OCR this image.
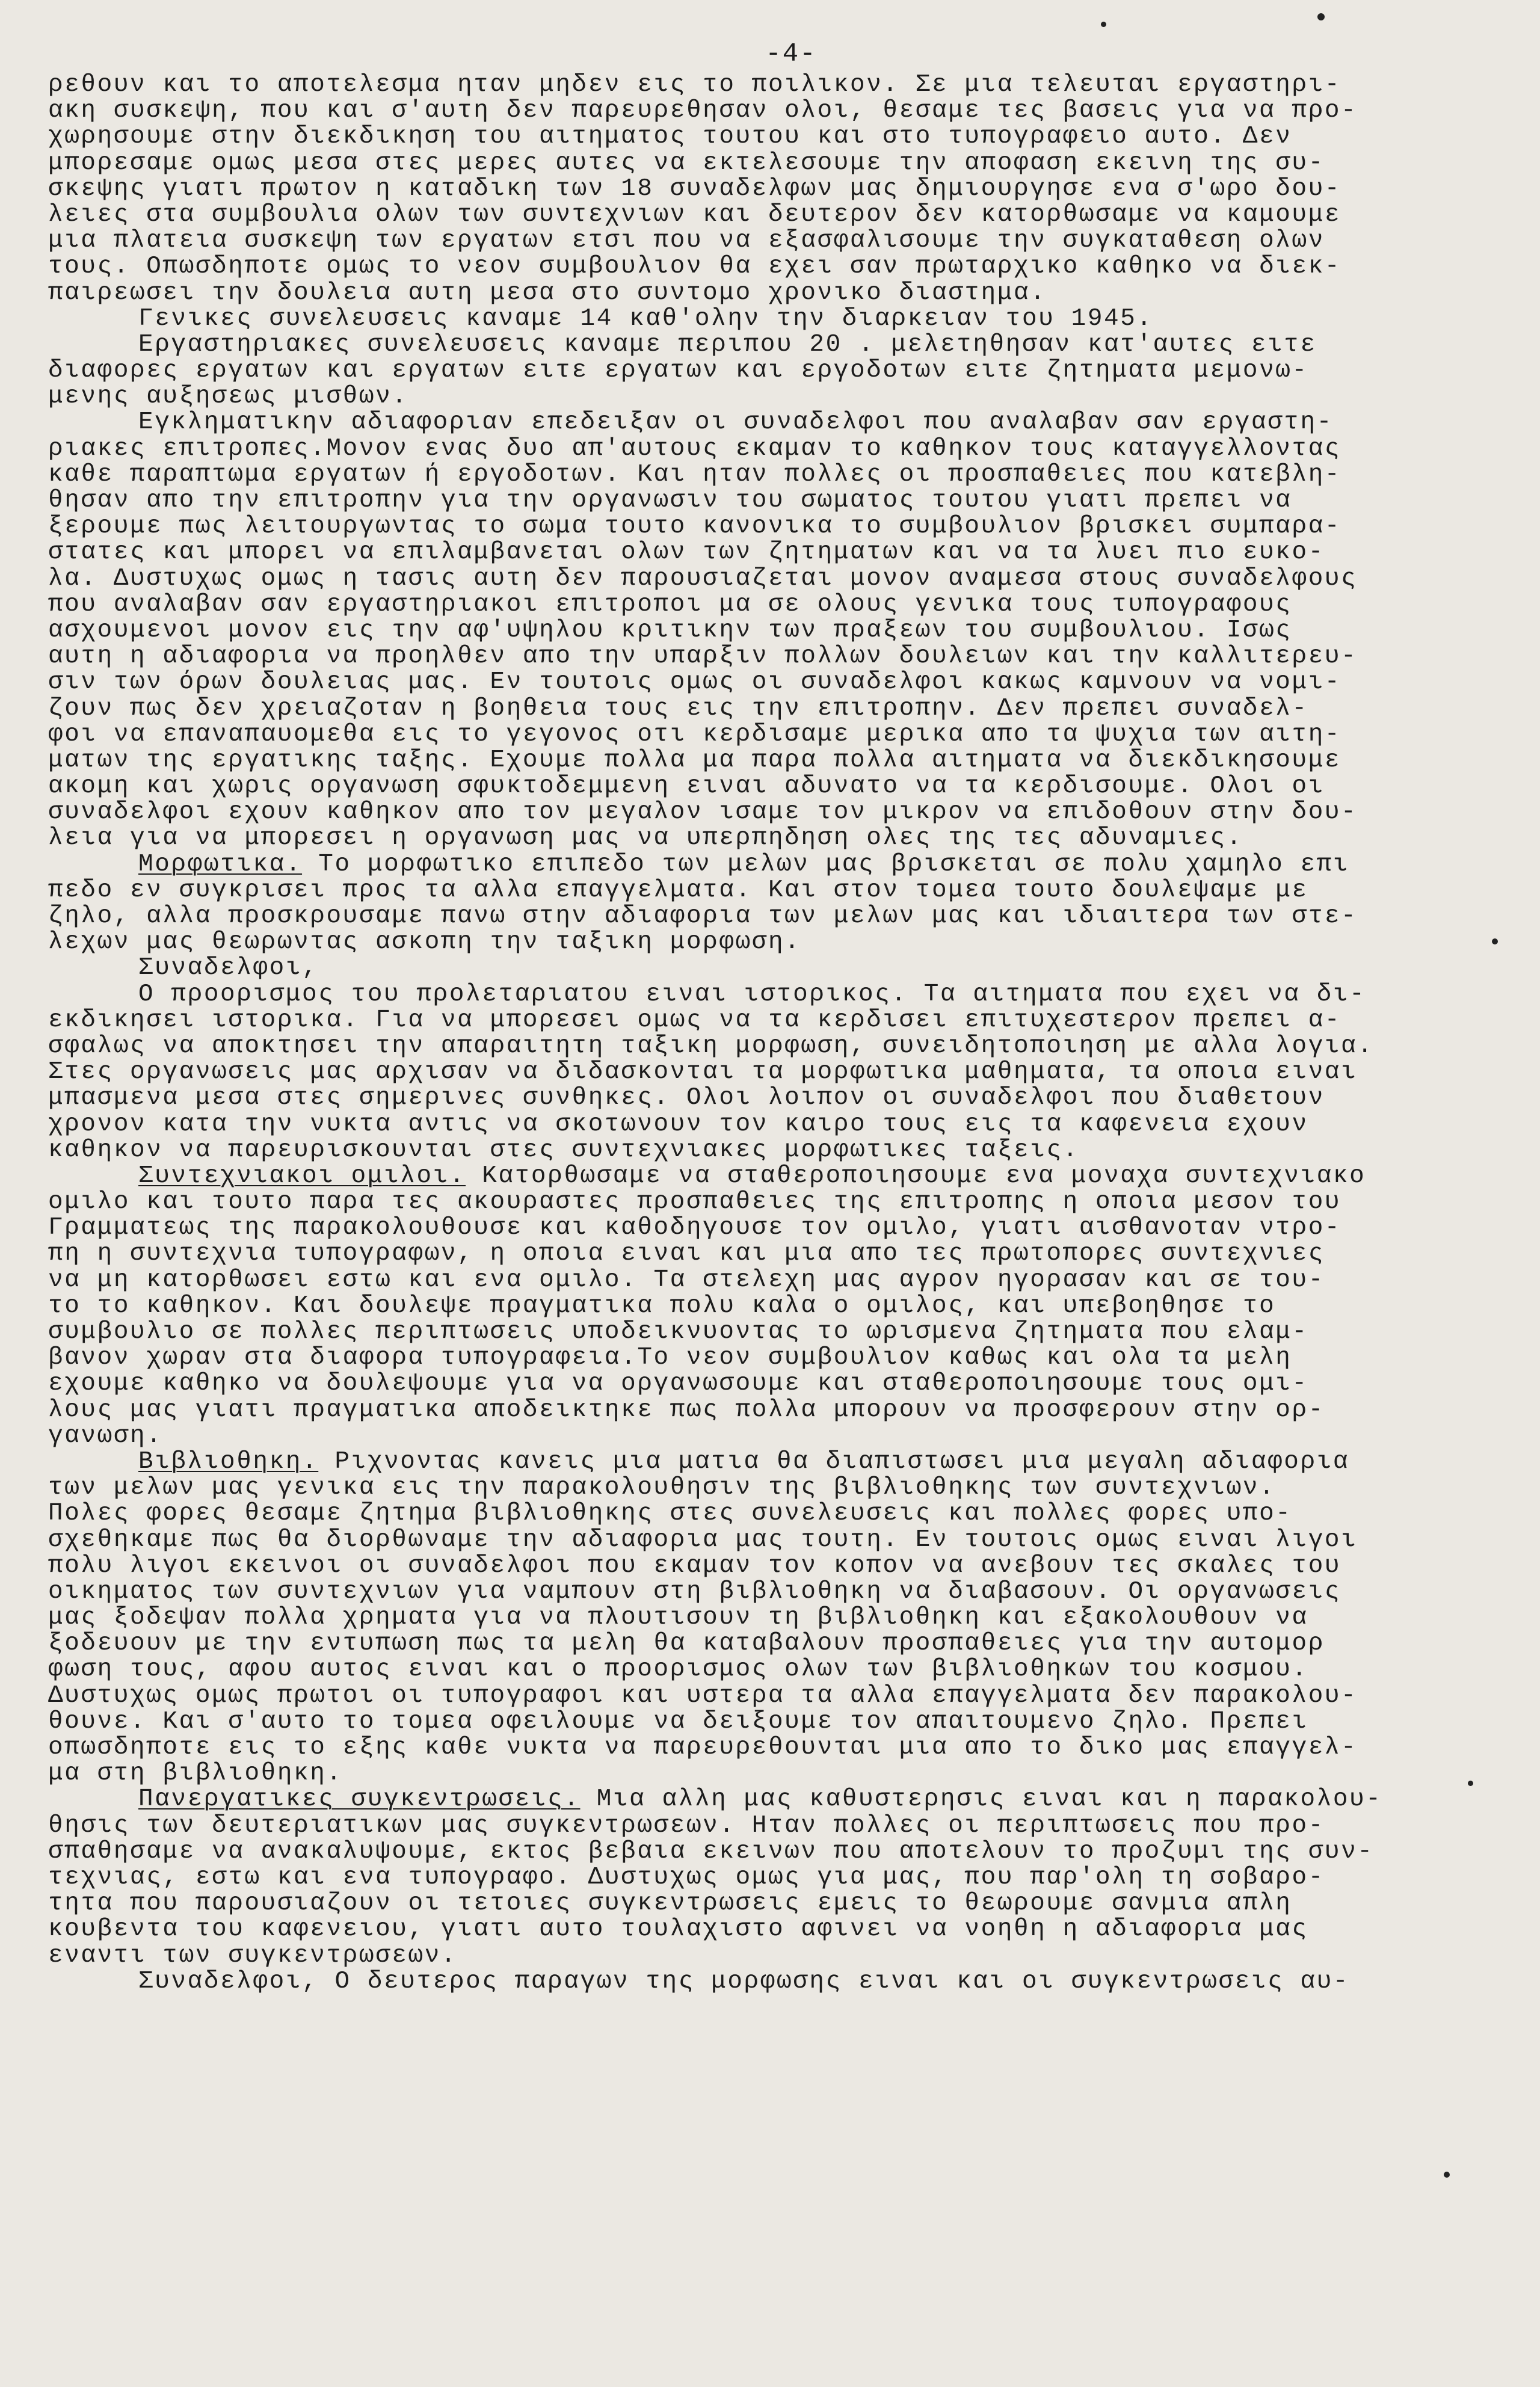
-4-
ρεθουν και το αποτελεσμα ηταν μηδεν εις το ποιλικον. Σε μια τελευται εργαστηρι-
ακη συσκεψη, που και σ'αυτη δεν παρευρεθησαν ολοι, θεσαμε τες βασεις για να προ-
χωρησουμε στην διεκδικηση του αιτηματος τουτου και στο τυπογραφειο αυτο. Δεν
μπορεσαμε ομως μεσα στες μερες αυτες να εκτελεσουμε την αποφαση εκεινη της συ-
σκεψης γιατι πρωτον η καταδικη των 18 συναδελφων μας δημιουργησε ενα σ'ωρο δου-
λειες στα συμβουλια ολων των συντεχνιων και δευτερον δεν κατορθωσαμε να καμουμε
μια πλατεια συσκεψη των εργατων ετσι που να εξασφαλισουμε την συγκαταθεση ολων
τους. Οπωσδηποτε ομως το νεον συμβουλιον θα εχει σαν πρωταρχικο καθηκο να διεκ-
παιρεωσει την δουλεια αυτη μεσα στο συντομο χρονικο διαστημα.
Γενικες συνελευσεις καναμε 14 καθ'ολην την διαρκειαν του 1945.
Εργαστηριακες συνελευσεις καναμε περιπου 20 . μελετηθησαν κατ'αυτες ειτε
διαφορες εργατων και εργατων ειτε εργατων και εργοδοτων ειτε ζητηματα μεμονω-
μενης αυξησεως μισθων.
Εγκληματικην αδιαφοριαν επεδειξαν οι συναδελφοι που αναλαβαν σαν εργαστη-
ριακες επιτροπες.Μονον ενας δυο απ'αυτους εκαμαν το καθηκον τους καταγγελλοντας
καθε παραπτωμα εργατων ή εργοδοτων. Και ηταν πολλες οι προσπαθειες που κατεβλη-
θησαν απο την επιτροπην για την οργανωσιν του σωματος τουτου γιατι πρεπει να
ξερουμε πως λειτουργωντας το σωμα τουτο κανονικα το συμβουλιον βρισκει συμπαρα-
στατες και μπορει να επιλαμβανεται ολων των ζητηματων και να τα λυει πιο ευκο-
λα. Δυστυχως ομως η τασις αυτη δεν παρουσιαζεται μονον αναμεσα στους συναδελφους
που αναλαβαν σαν εργαστηριακοι επιτροποι μα σε ολους γενικα τους τυπογραφους
ασχουμενοι μονον εις την αφ'υψηλου κριτικην των πραξεων του συμβουλιου. Ισως
αυτη η αδιαφορια να προηλθεν απο την υπαρξιν πολλων δουλειων και την καλλιτερευ-
σιν των όρων δουλειας μας. Εν τουτοις ομως οι συναδελφοι κακως καμνουν να νομι-
ζουν πως δεν χρειαζοταν η βοηθεια τους εις την επιτροπην. Δεν πρεπει συναδελ-
φοι να επαναπαυομεθα εις το γεγονος οτι κερδισαμε μερικα απο τα ψυχια των αιτη-
ματων της εργατικης ταξης. Εχουμε πολλα μα παρα πολλα αιτηματα να διεκδικησουμε
ακομη και χωρις οργανωση σφυκτοδεμμενη ειναι αδυνατο να τα κερδισουμε. Ολοι οι
συναδελφοι εχουν καθηκον απο τον μεγαλον ισαμε τον μικρον να επιδοθουν στην δου-
λεια για να μπορεσει η οργανωση μας να υπερπηδηση ολες της τες αδυναμιες.
Μορφωτικα. Το μορφωτικο επιπεδο των μελων μας βρισκεται σε πολυ χαμηλο επι
πεδο εν συγκρισει προς τα αλλα επαγγελματα. Και στον τομεα τουτο δουλεψαμε με
ζηλο, αλλα προσκρουσαμε πανω στην αδιαφορια των μελων μας και ιδιαιτερα των στε-
λεχων μας θεωρωντας ασκοπη την ταξικη μορφωση.
Συναδελφοι,
Ο προορισμος του προλεταριατου ειναι ιστορικος. Τα αιτηματα που εχει να δι-
εκδικησει ιστορικα. Για να μπορεσει ομως να τα κερδισει επιτυχεστερον πρεπει α-
σφαλως να αποκτησει την απαραιτητη ταξικη μορφωση, συνειδητοποιηση με αλλα λογια.
Στες οργανωσεις μας αρχισαν να διδασκονται τα μορφωτικα μαθηματα, τα οποια ειναι
μπασμενα μεσα στες σημερινες συνθηκες. Ολοι λοιπον οι συναδελφοι που διαθετουν
χρονον κατα την νυκτα αντις να σκοτωνουν τον καιρο τους εις τα καφενεια εχουν
καθηκον να παρευρισκουνται στες συντεχνιακες μορφωτικες ταξεις.
Συντεχνιακοι ομιλοι. Κατορθωσαμε να σταθεροποιησουμε ενα μοναχα συντεχνιακο
ομιλο και τουτο παρα τες ακουραστες προσπαθειες της επιτροπης η οποια μεσον του
Γραμματεως της παρακολουθουσε και καθοδηγουσε τον ομιλο, γιατι αισθανοταν ντρο-
πη η συντεχνια τυπογραφων, η οποια ειναι και μια απο τες πρωτοπορες συντεχνιες
να μη κατορθωσει εστω και ενα ομιλο. Τα στελεχη μας αγρον ηγορασαν και σε του-
το το καθηκον. Και δουλεψε πραγματικα πολυ καλα ο ομιλος, και υπεβοηθησε το
συμβουλιο σε πολλες περιπτωσεις υποδεικνυοντας το ωρισμενα ζητηματα που ελαμ-
βανον χωραν στα διαφορα τυπογραφεια.Το νεον συμβουλιον καθως και ολα τα μελη
εχουμε καθηκο να δουλεψουμε για να οργανωσουμε και σταθεροποιησουμε τους ομι-
λους μας γιατι πραγματικα αποδεικτηκε πως πολλα μπορουν να προσφερουν στην ορ-
γανωση.
Βιβλιοθηκη. Ριχνοντας κανεις μια ματια θα διαπιστωσει μια μεγαλη αδιαφορια
των μελων μας γενικα εις την παρακολουθησιν της βιβλιοθηκης των συντεχνιων.
Πολες φορες θεσαμε ζητημα βιβλιοθηκης στες συνελευσεις και πολλες φορες υπο-
σχεθηκαμε πως θα διορθωναμε την αδιαφορια μας τουτη. Εν τουτοις ομως ειναι λιγοι
πολυ λιγοι εκεινοι οι συναδελφοι που εκαμαν τον κοπον να ανεβουν τες σκαλες του
οικηματος των συντεχνιων για ναμπουν στη βιβλιοθηκη να διαβασουν. Οι οργανωσεις
μας ξοδεψαν πολλα χρηματα για να πλουτισουν τη βιβλιοθηκη και εξακολουθουν να
ξοδευουν με την εντυπωση πως τα μελη θα καταβαλουν προσπαθειες για την αυτομορ
φωση τους, αφου αυτος ειναι και ο προορισμος ολων των βιβλιοθηκων του κοσμου.
Δυστυχως ομως πρωτοι οι τυπογραφοι και υστερα τα αλλα επαγγελματα δεν παρακολου-
θουνε. Και σ'αυτο το τομεα οφειλουμε να δειξουμε τον απαιτουμενο ζηλο. Πρεπει
οπωσδηποτε εις το εξης καθε νυκτα να παρευρεθουνται μια απο το δικο μας επαγγελ-
μα στη βιβλιοθηκη.
Πανεργατικες συγκεντρωσεις. Μια αλλη μας καθυστερησις ειναι και η παρακολου-
θησις των δευτεριατικων μας συγκεντρωσεων. Ηταν πολλες οι περιπτωσεις που προ-
σπαθησαμε να ανακαλυψουμε, εκτος βεβαια εκεινων που αποτελουν το προζυμι της συν-
τεχνιας, εστω και ενα τυπογραφο. Δυστυχως ομως για μας, που παρ'ολη τη σοβαρο-
τητα που παρουσιαζουν οι τετοιες συγκεντρωσεις εμεις το θεωρουμε σανμια απλη
κουβεντα του καφενειου, γιατι αυτο τουλαχιστο αφινει να νοηθη η αδιαφορια μας
εναντι των συγκεντρωσεων.
Συναδελφοι, Ο δευτερος παραγων της μορφωσης ειναι και οι συγκεντρωσεις αυ-
